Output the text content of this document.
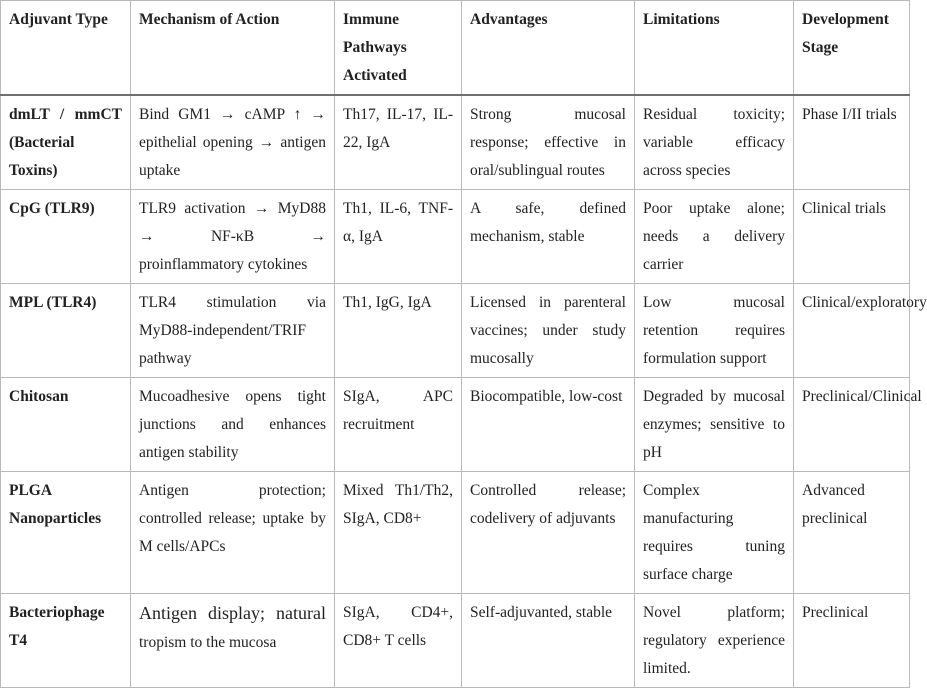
Adjuvant Type	Mechanism of Action	Immune Pathways Activated	Advantages	Limitations	Development Stage
dmLT / mmCT (Bacterial Toxins)	Bind GM1 → cAMP ↑ → epithelial opening → antigen uptake	Th17, IL-17, IL-22, IgA	Strong mucosal response; effective in oral/sublingual routes	Residual toxicity; variable efficacy across species	Phase I/II trials
CpG (TLR9)	TLR9 activation → MyD88 → NF-κB → proinflammatory cytokines	Th1, IL-6, TNF-α, IgA	A safe, defined mechanism, stable	Poor uptake alone; needs a delivery carrier	Clinical trials
MPL (TLR4)	TLR4 stimulation via MyD88-independent/TRIF pathway	Th1, IgG, IgA	Licensed in parenteral vaccines; under study mucosally	Low mucosal retention requires formulation support	Clinical/exploratory
Chitosan	Mucoadhesive opens tight junctions and enhances antigen stability	SIgA, APC recruitment	Biocompatible, low-cost	Degraded by mucosal enzymes; sensitive to pH	Preclinical/Clinical
PLGA Nanoparticles	Antigen protection; controlled release; uptake by M cells/APCs	Mixed Th1/Th2, SIgA, CD8+	Controlled release; codelivery of adjuvants	Complex manufacturing requires tuning surface charge	Advanced preclinical
Bacteriophage T4	Antigen display; natural tropism to the mucosa	SIgA, CD4+, CD8+ T cells	Self-adjuvanted, stable	Novel platform; regulatory experience limited.	Preclinical
